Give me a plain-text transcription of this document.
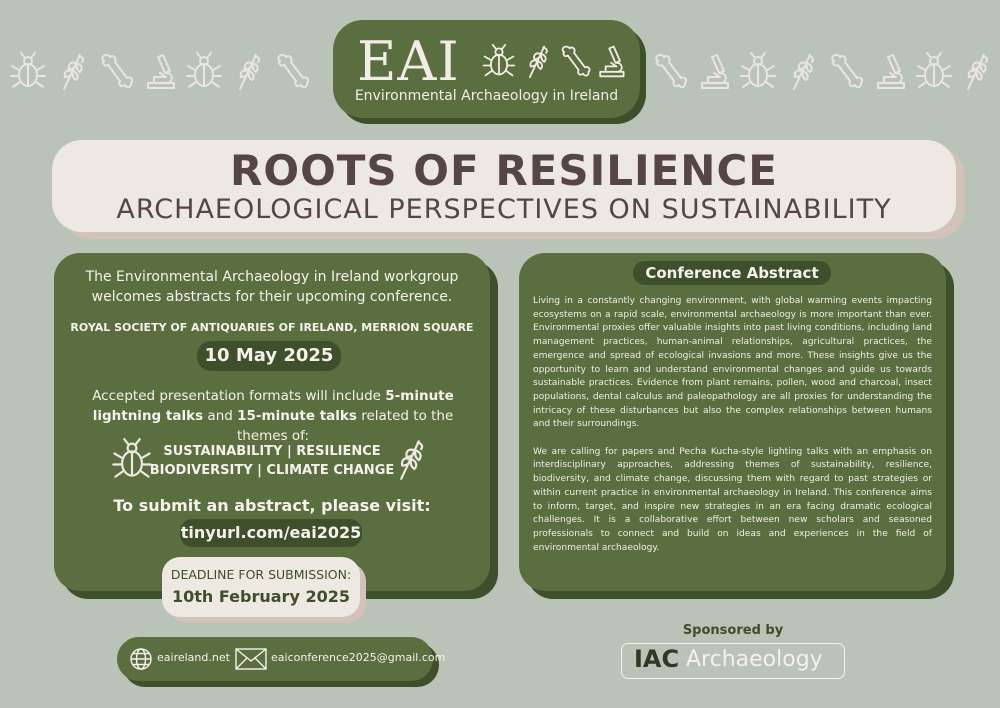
EAI
Environmental Archaeology in Ireland
ROOTS OF RESILIENCE
ARCHAEOLOGICAL PERSPECTIVES ON SUSTAINABILITY
The Environmental Archaeology in Ireland workgroup welcomes abstracts for their upcoming conference.
ROYAL SOCIETY OF ANTIQUARIES OF IRELAND, MERRION SQUARE
10 May 2025
Accepted presentation formats will include 5-minute lightning talks and 15-minute talks related to the themes of:
SUSTAINABILITY | RESILIENCE
BIODIVERSITY | CLIMATE CHANGE
To submit an abstract, please visit:
tinyurl.com/eai2025
DEADLINE FOR SUBMISSION:
10th February 2025
Conference Abstract

Living in a constantly changing environment, with global warming events impacting ecosystems on a rapid scale, environmental archaeology is more important than ever. Environmental proxies offer valuable insights into past living conditions, including land management practices, human-animal relationships, agricultural practices, the emergence and spread of ecological invasions and more. These insights give us the opportunity to learn and understand environmental changes and guide us towards sustainable practices. Evidence from plant remains, pollen, wood and charcoal, insect populations, dental calculus and paleopathology are all proxies for understanding the intricacy of these disturbances but also the complex relationships between humans and their surroundings.

We are calling for papers and Pecha Kucha-style lighting talks with an emphasis on interdisciplinary approaches, addressing themes of sustainability, resilience, biodiversity, and climate change, discussing them with regard to past strategies or within current practice in environmental archaeology in Ireland. This conference aims to inform, target, and inspire new strategies in an era facing dramatic ecological challenges. It is a collaborative effort between new scholars and seasoned professionals to connect and build on ideas and experiences in the field of environmental archaeology.

eaireland.net	eaiconference2025@gmail.com
Sponsored by
IAC Archaeology
